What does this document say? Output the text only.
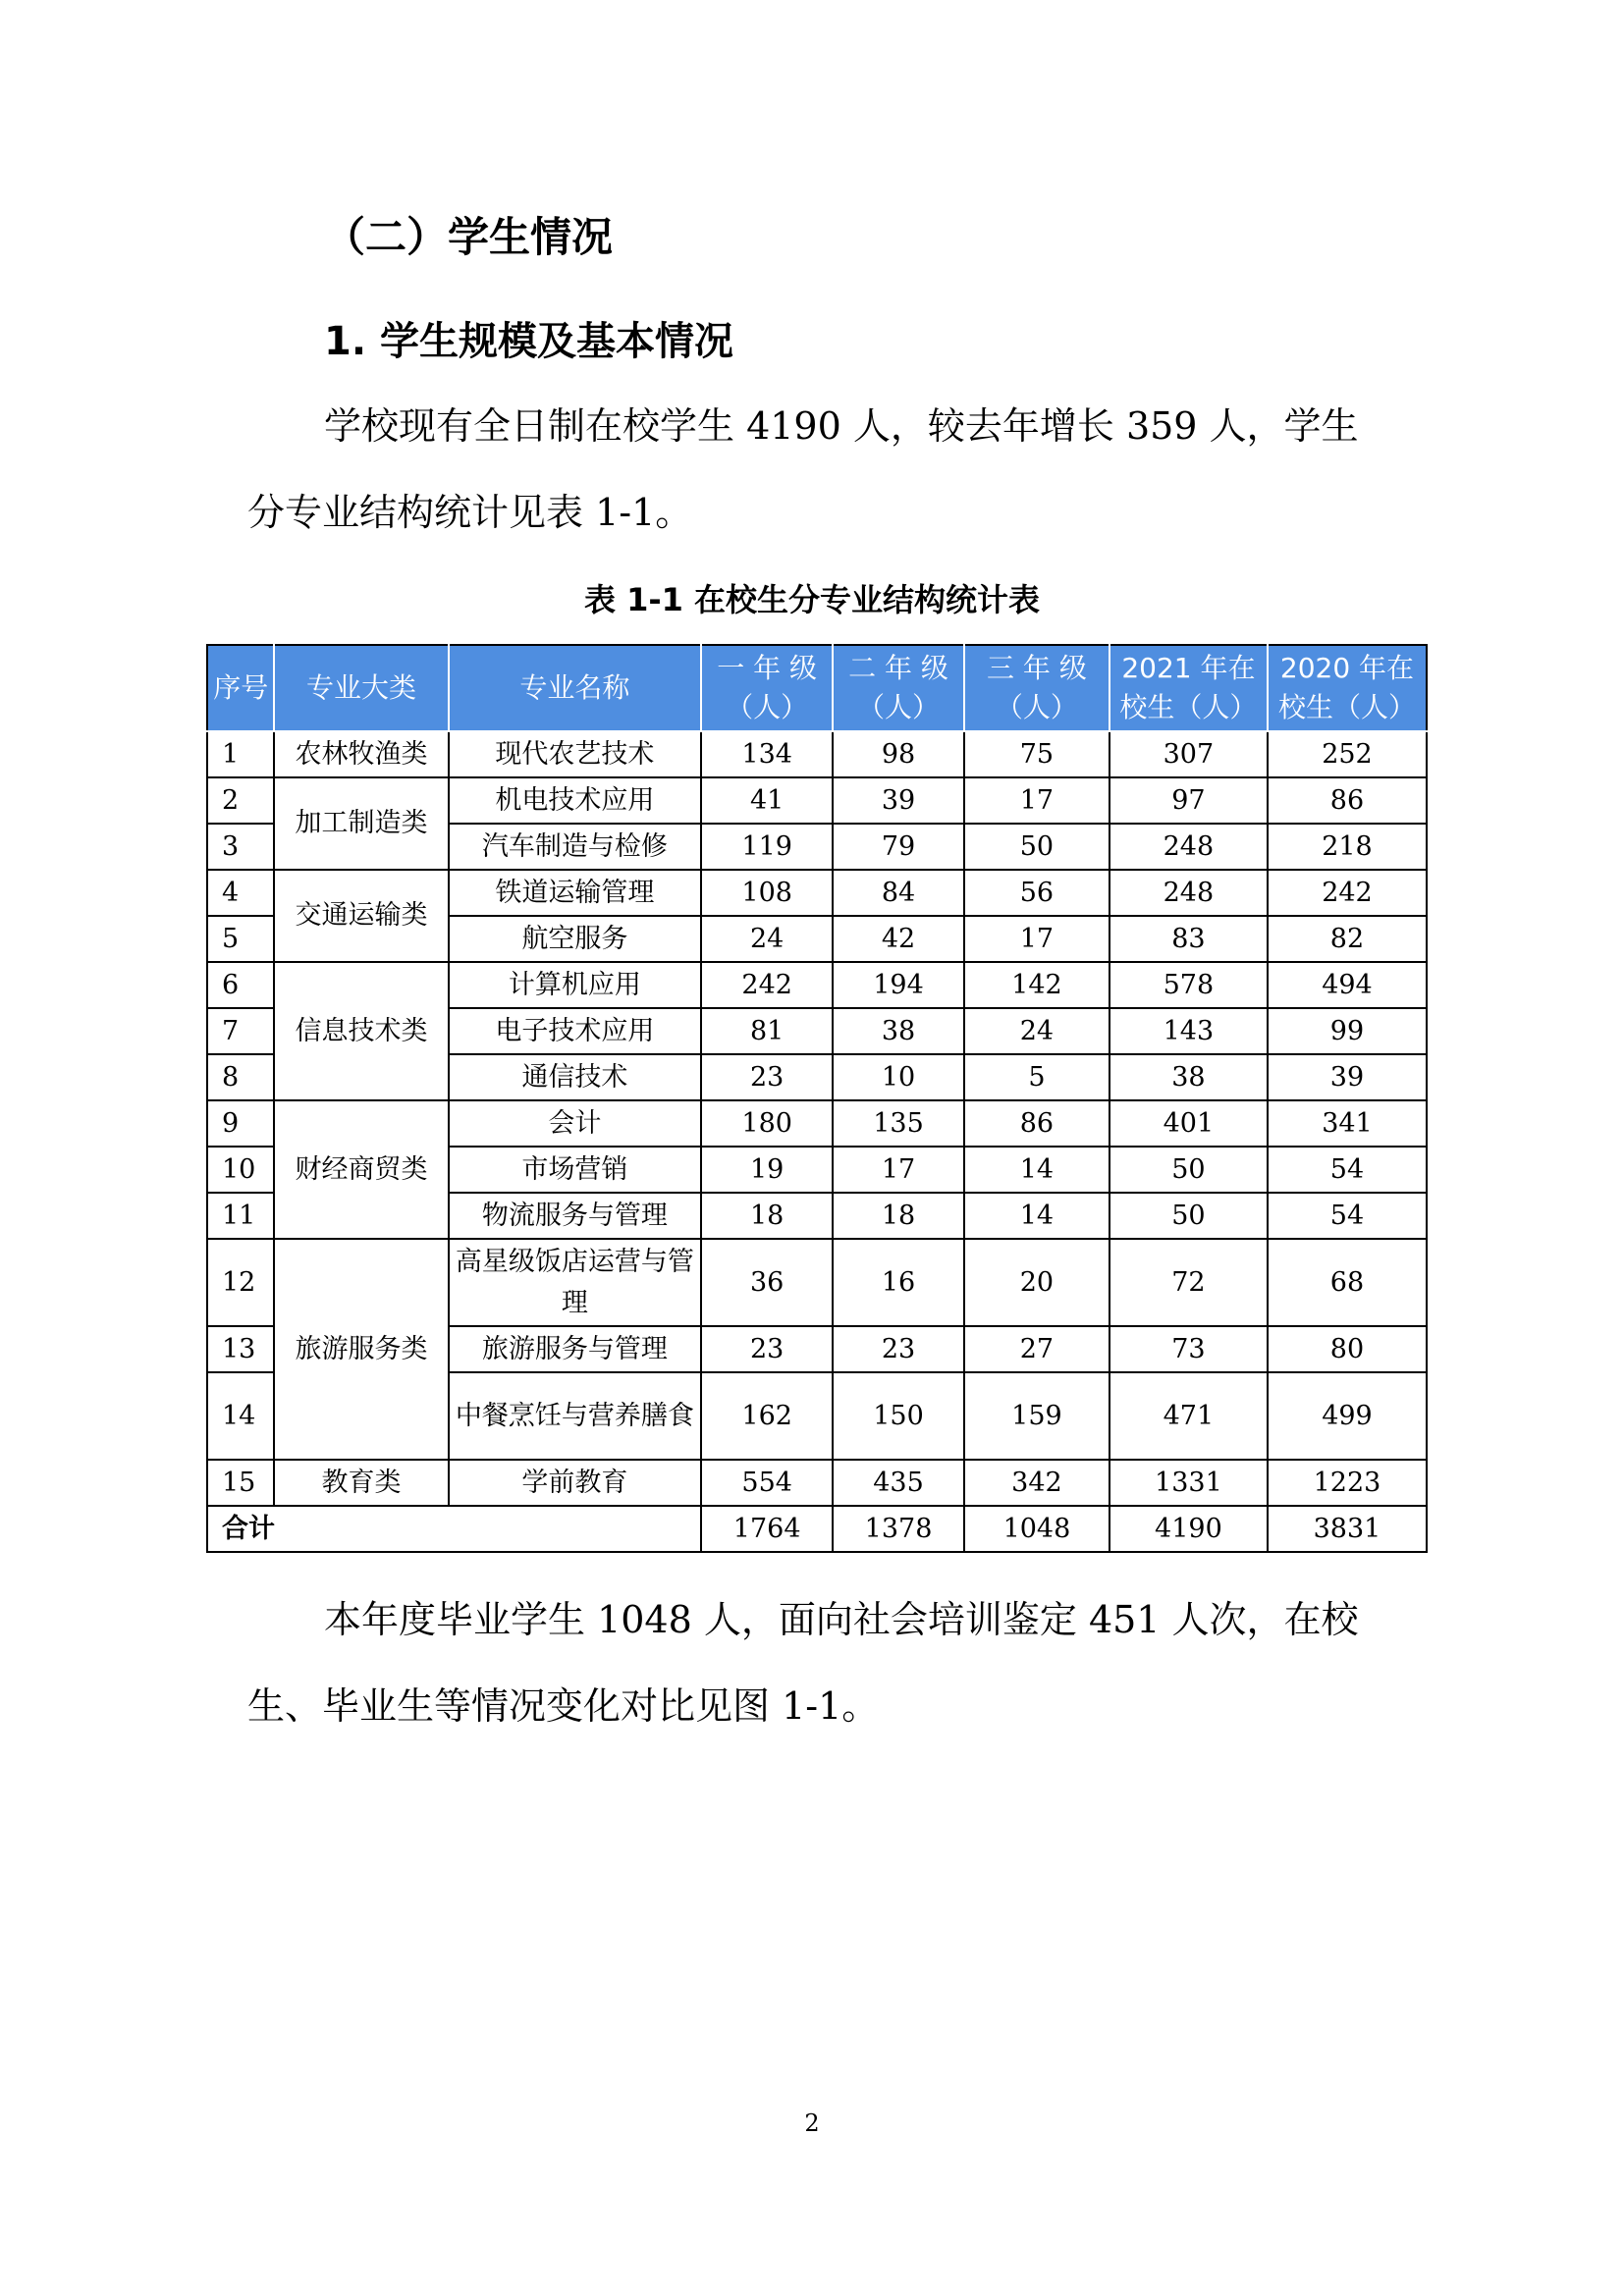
（二）学生情况
1. 学生规模及基本情况

学校现有全日制在校学生 4190 人，较去年增长 359 人，学生分专业结构统计见表 1-1。

表 1-1 在校生分专业结构统计表
序号	专业大类	专业名称	一 年 级（人）	二 年 级（人）	三 年 级（人）	2021 年在校生（人）	2020 年在校生（人）
1	农林牧渔类	现代农艺技术	134	98	75	307	252
2	加工制造类	机电技术应用	41	39	17	97	86
3		汽车制造与检修	119	79	50	248	218
4	交通运输类	铁道运输管理	108	84	56	248	242
5		航空服务	24	42	17	83	82
6	信息技术类	计算机应用	242	194	142	578	494
7		电子技术应用	81	38	24	143	99
8		通信技术	23	10	5	38	39
9	财经商贸类	会计	180	135	86	401	341
10		市场营销	19	17	14	50	54
11		物流服务与管理	18	18	14	50	54
12	旅游服务类	高星级饭店运营与管理	36	16	20	72	68
13		旅游服务与管理	23	23	27	73	80
14		中餐烹饪与营养膳食	162	150	159	471	499
15	教育类	学前教育	554	435	342	1331	1223
合计			1764	1378	1048	4190	3831

本年度毕业学生 1048 人，面向社会培训鉴定 451 人次，在校生、毕业生等情况变化对比见图 1-1。

2
